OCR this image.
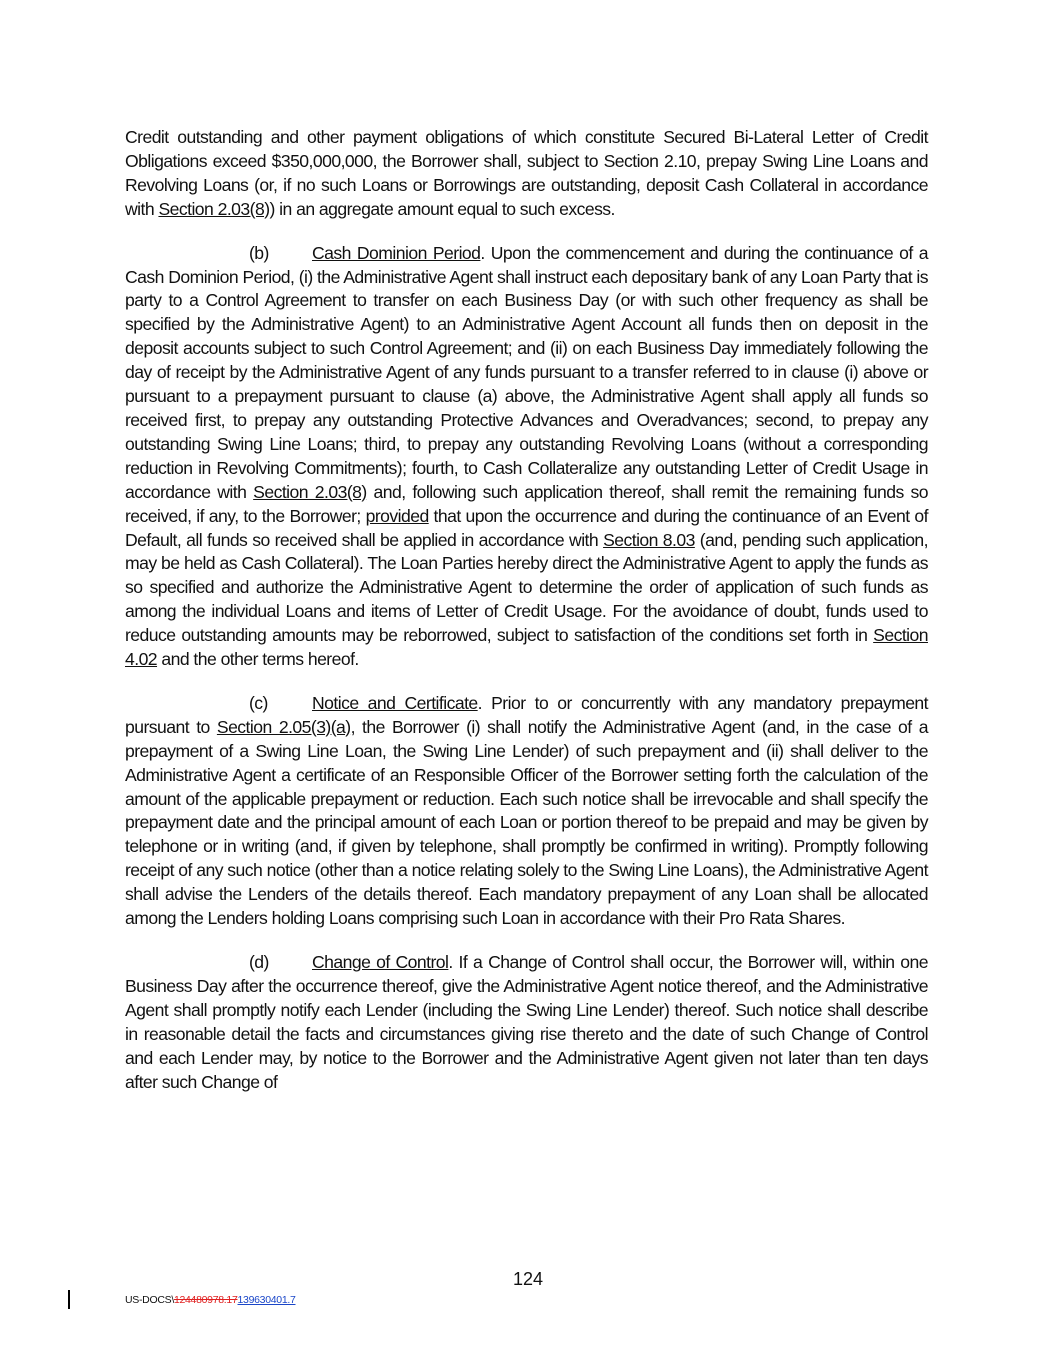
Credit outstanding and other payment obligations of which constitute Secured Bi-Lateral Letter of Credit Obligations exceed $350,000,000, the Borrower shall, subject to Section 2.10, prepay Swing Line Loans and Revolving Loans (or, if no such Loans or Borrowings are outstanding, deposit Cash Collateral in accordance with Section 2.03(8)) in an aggregate amount equal to such excess.

(b) Cash Dominion Period. Upon the commencement and during the continuance of a Cash Dominion Period, (i) the Administrative Agent shall instruct each depositary bank of any Loan Party that is party to a Control Agreement to transfer on each Business Day (or with such other frequency as shall be specified by the Administrative Agent) to an Administrative Agent Account all funds then on deposit in the deposit accounts subject to such Control Agreement; and (ii) on each Business Day immediately following the day of receipt by the Administrative Agent of any funds pursuant to a transfer referred to in clause (i) above or pursuant to a prepayment pursuant to clause (a) above, the Administrative Agent shall apply all funds so received first, to prepay any outstanding Protective Advances and Overadvances; second, to prepay any outstanding Swing Line Loans; third, to prepay any outstanding Revolving Loans (without a corresponding reduction in Revolving Commitments); fourth, to Cash Collateralize any outstanding Letter of Credit Usage in accordance with Section 2.03(8) and, following such application thereof, shall remit the remaining funds so received, if any, to the Borrower; provided that upon the occurrence and during the continuance of an Event of Default, all funds so received shall be applied in accordance with Section 8.03 (and, pending such application, may be held as Cash Collateral). The Loan Parties hereby direct the Administrative Agent to apply the funds as so specified and authorize the Administrative Agent to determine the order of application of such funds as among the individual Loans and items of Letter of Credit Usage. For the avoidance of doubt, funds used to reduce outstanding amounts may be reborrowed, subject to satisfaction of the conditions set forth in Section 4.02 and the other terms hereof.

(c)	Notice and Certificate. Prior to or concurrently with any mandatory prepayment pursuant to Section 2.05(3)(a), the Borrower (i) shall notify the Administrative Agent (and, in the case of a prepayment of a Swing Line Loan, the Swing Line Lender) of such prepayment and (ii) shall deliver to the Administrative Agent a certificate of an Responsible Officer of the Borrower setting forth the calculation of the amount of the applicable prepayment or reduction. Each such notice shall be irrevocable and shall specify the prepayment date and the principal amount of each Loan or portion thereof to be prepaid and may be given by telephone or in writing (and, if given by telephone, shall promptly be confirmed in writing). Promptly following receipt of any such notice (other than a notice relating solely to the Swing Line Loans), the Administrative Agent shall advise the Lenders of the details thereof. Each mandatory prepayment of any Loan shall be allocated among the Lenders holding Loans comprising such Loan in accordance with their Pro Rata Shares.

(d) Change of Control. If a Change of Control shall occur, the Borrower will, within one Business Day after the occurrence thereof, give the Administrative Agent notice thereof, and the Administrative Agent shall promptly notify each Lender (including the Swing Line Lender) thereof. Such notice shall describe in reasonable detail the facts and circumstances giving rise thereto and the date of such Change of Control and each Lender may, by notice to the Borrower and the Administrative Agent given not later than ten days after such Change of

124
US-DOCS\124480978.17139630401.7
